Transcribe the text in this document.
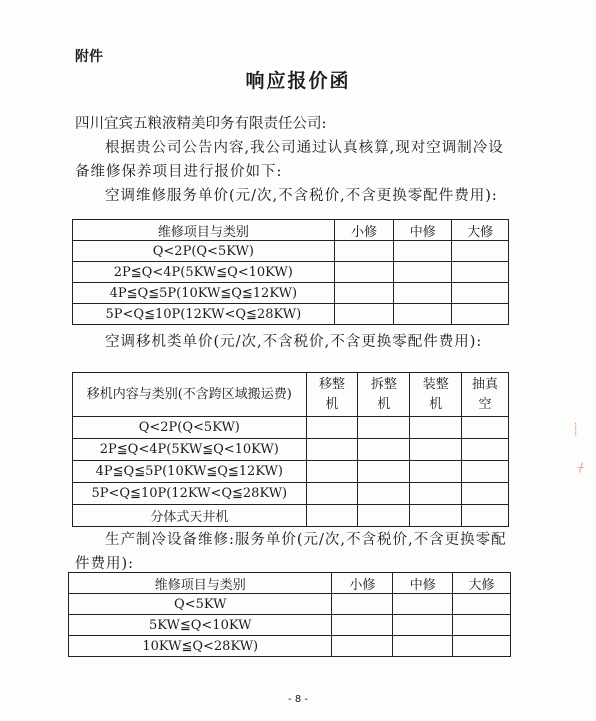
附件
响应报价函

四川宜宾五粮液精美印务有限责任公司:

根据贵公司公告内容,我公司通过认真核算,现对空调制冷设备维修保养项目进行报价如下:

空调维修服务单价(元/次,不含税价,不含更换零配件费用):

维修项目与类别	小修	中修	大修
Q<2P(Q<5KW)			
2P≦Q<4P(5KW≦Q<10KW)			
4P≦Q≦5P(10KW≦Q≦12KW)			
5P<Q≦10P(12KW<Q≦28KW)			

空调移机类单价(元/次,不含税价,不含更换零配件费用):

移机内容与类别(不含跨区域搬运费)	移整机	拆整机	装整机	抽真空
Q<2P(Q<5KW)				
2P≦Q<4P(5KW≦Q<10KW)				
4P≦Q≦5P(10KW≦Q≦12KW)				
5P<Q≦10P(12KW<Q≦28KW)				
分体式天井机				

生产制冷设备维修:服务单价(元/次,不含税价,不含更换零配件费用):

维修项目与类别	小修	中修	大修
Q<5KW			
5KW≦Q<10KW			
10KW≦Q<28KW)			
- 8 -
⸽
ᚋ
